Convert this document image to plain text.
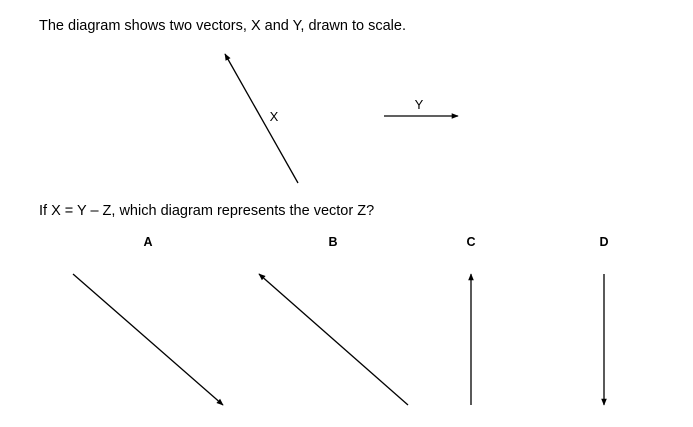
The diagram shows two vectors, X and Y, drawn to scale.
X
Y
If X = Y – Z, which diagram represents the vector Z?
A	B	C	D
